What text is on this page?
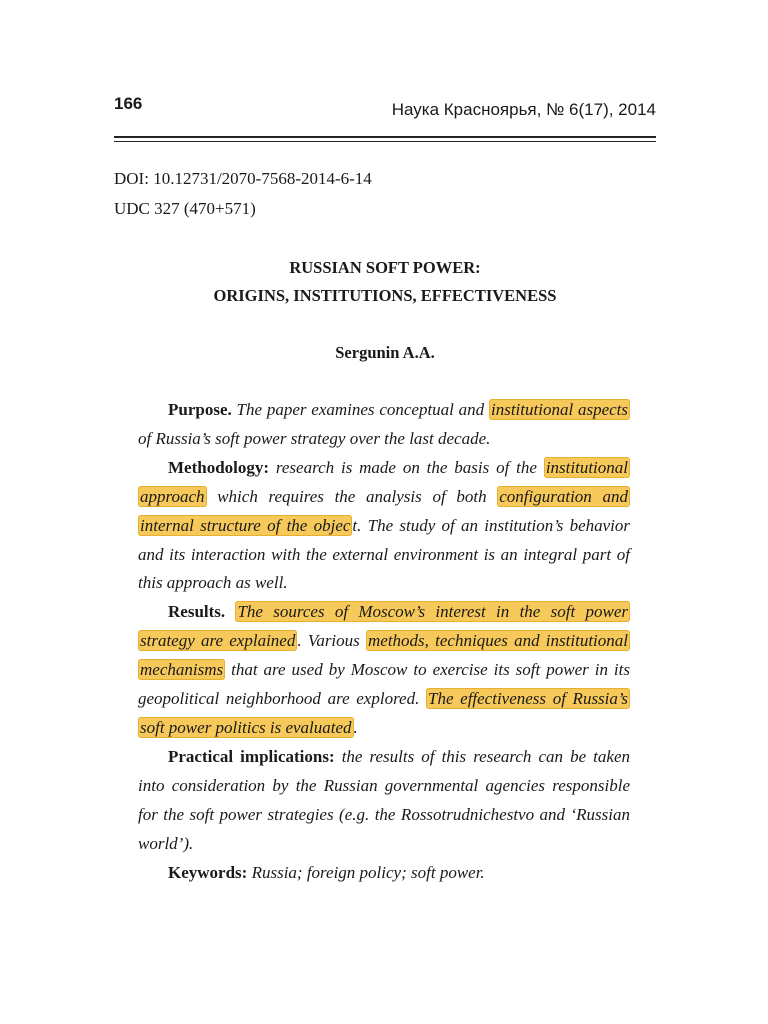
166	Наука Красноярья, № 6(17), 2014
DOI: 10.12731/2070-7568-2014-6-14
UDC 327 (470+571)
RUSSIAN SOFT POWER:
ORIGINS, INSTITUTIONS, EFFECTIVENESS
Sergunin A.A.

Purpose. The paper examines conceptual and institutional aspects of Russia’s soft power strategy over the last decade.

Methodology: research is made on the basis of the institutional approach which requires the analysis of both configuration and internal structure of the objec t. The study of an institution’s behavior and its interaction with the external environment is an integral part of this approach as well.

Results. The sources of Moscow’s interest in the soft power strategy are explained . Various methods, techniques and institutional mechanisms that are used by Moscow to exercise its soft power in its geopolitical neighborhood are explored. The effectiveness of Russia’s soft power politics is evaluated .

Practical implications: the results of this research can be taken into consideration by the Russian governmental agencies responsible for the soft power strategies (e.g. the Rossotrudnichestvo and ‘Russian world’).

Keywords: Russia; foreign policy; soft power.
